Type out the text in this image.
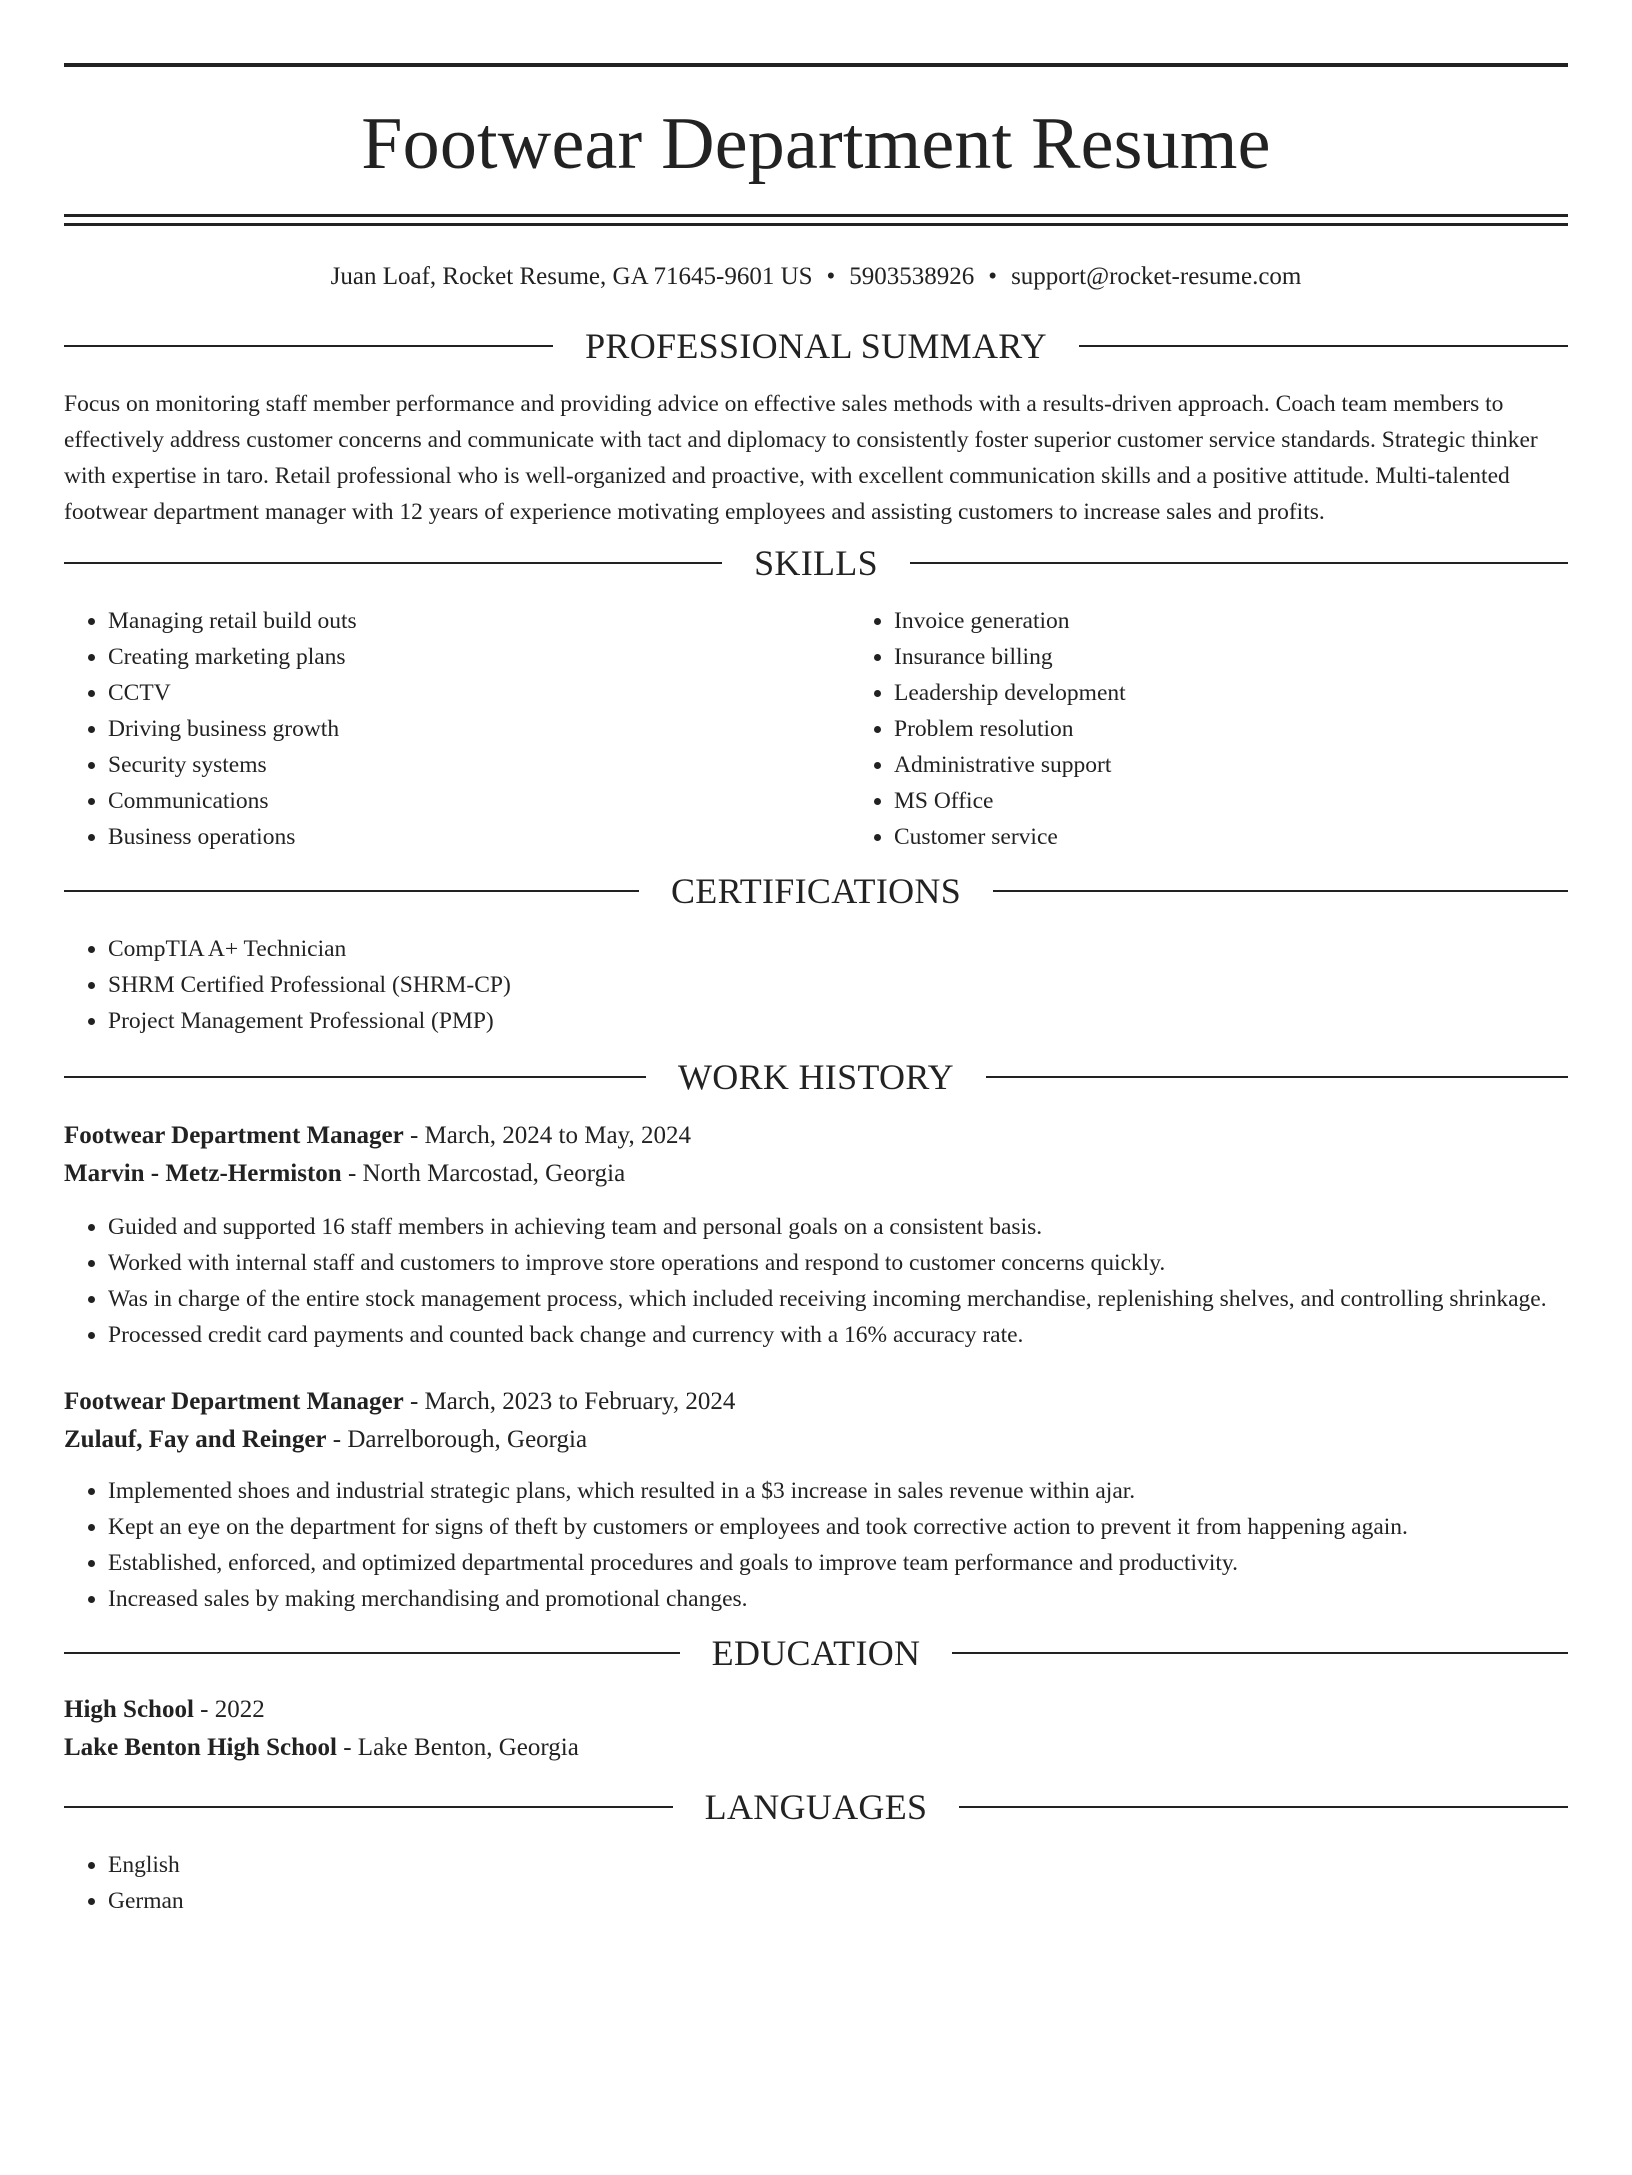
Footwear Department Resume
Juan Loaf, Rocket Resume, GA 71645-9601 US • 5903538926 • support@rocket-resume.com
PROFESSIONAL SUMMARY

Focus on monitoring staff member performance and providing advice on effective sales methods with a results-driven approach. Coach team members to effectively address customer concerns and communicate with tact and diplomacy to consistently foster superior customer service standards. Strategic thinker with expertise in taro. Retail professional who is well-organized and proactive, with excellent communication skills and a positive attitude. Multi-talented footwear department manager with 12 years of experience motivating employees and assisting customers to increase sales and profits.

SKILLS
• Managing retail build outs
• Creating marketing plans
• CCTV
• Driving business growth
• Security systems
• Communications
• Business operations
• Invoice generation
• Insurance billing
• Leadership development
• Problem resolution
• Administrative support
• MS Office
• Customer service
CERTIFICATIONS
• CompTIA A+ Technician
• SHRM Certified Professional (SHRM-CP)
• Project Management Professional (PMP)
WORK HISTORY
Footwear Department Manager - March, 2024 to May, 2024
Marvin - Metz-Hermiston - North Marcostad, Georgia
• Guided and supported 16 staff members in achieving team and personal goals on a consistent basis.
• Worked with internal staff and customers to improve store operations and respond to customer concerns quickly.
• Was in charge of the entire stock management process, which included receiving incoming merchandise, replenishing shelves, and controlling shrinkage.
• Processed credit card payments and counted back change and currency with a 16% accuracy rate.
Footwear Department Manager - March, 2023 to February, 2024
Zulauf, Fay and Reinger - Darrelborough, Georgia
• Implemented shoes and industrial strategic plans, which resulted in a $3 increase in sales revenue within ajar.
• Kept an eye on the department for signs of theft by customers or employees and took corrective action to prevent it from happening again.
• Established, enforced, and optimized departmental procedures and goals to improve team performance and productivity.
• Increased sales by making merchandising and promotional changes.
EDUCATION
High School - 2022
Lake Benton High School - Lake Benton, Georgia
LANGUAGES
• English
• German
